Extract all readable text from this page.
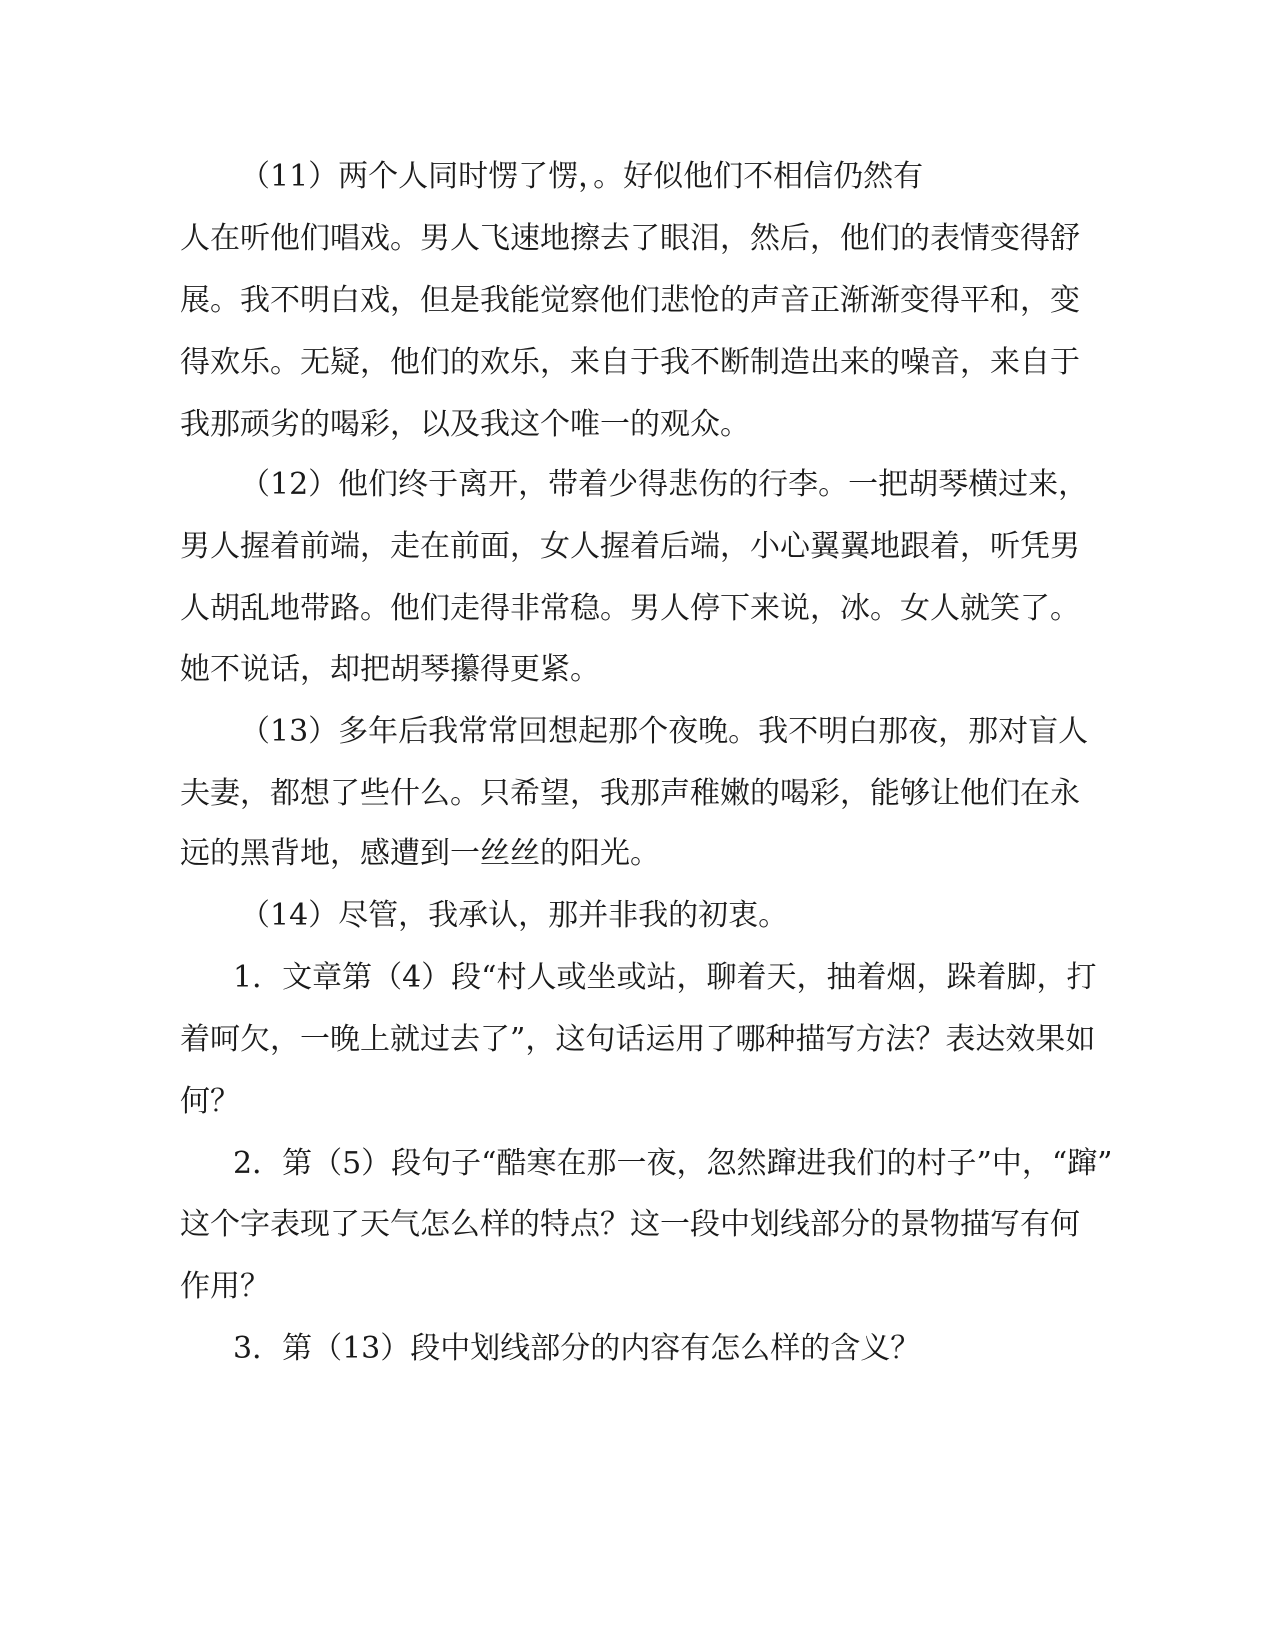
（11）两个人同时愣了愣，。好似他们不相信仍然有
人在听他们唱戏。男人飞速地擦去了眼泪，然后，他们的表情变得舒
展。我不明白戏，但是我能觉察他们悲怆的声音正渐渐变得平和，变
得欢乐。无疑，他们的欢乐，来自于我不断制造出来的噪音，来自于
我那顽劣的喝彩，以及我这个唯一的观众。
（12）他们终于离开，带着少得悲伤的行李。一把胡琴横过来，
男人握着前端，走在前面，女人握着后端，小心翼翼地跟着，听凭男
人胡乱地带路。他们走得非常稳。男人停下来说，冰。女人就笑了。
她不说话，却把胡琴攥得更紧。
（13）多年后我常常回想起那个夜晚。我不明白那夜，那对盲人
夫妻，都想了些什么。只希望，我那声稚嫩的喝彩，能够让他们在永
远的黑背地，感遭到一丝丝的阳光。
（14）尽管，我承认，那并非我的初衷。
1．文章第（4）段“村人或坐或站，聊着天，抽着烟，跺着脚，打
着呵欠，一晚上就过去了”，这句话运用了哪种描写方法？表达效果如
何？
2．第（5）段句子“酷寒在那一夜，忽然蹿进我们的村子”中，“蹿”
这个字表现了天气怎么样的特点？这一段中划线部分的景物描写有何
作用？
3．第（13）段中划线部分的内容有怎么样的含义？
